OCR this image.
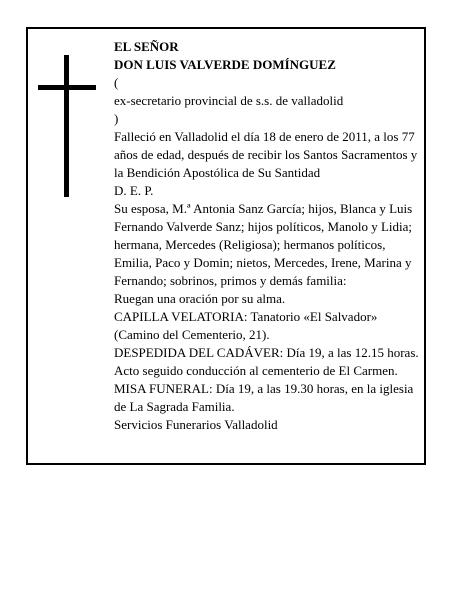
EL SEÑOR

DON LUIS VALVERDE DOMÍNGUEZ

(

ex-secretario provincial de s.s. de valladolid

)

Falleció en Valladolid el día 18 de enero de 2011, a los 77 años de edad, después de recibir los Santos Sacramentos y la Bendición Apostólica de Su Santidad

D. E. P.

Su esposa, M.ª Antonia Sanz García; hijos, Blanca y Luis Fernando Valverde Sanz; hijos políticos, Manolo y Lidia; hermana, Mercedes (Religiosa); hermanos políticos, Emilia, Paco y Domin; nietos, Mercedes, Irene, Marina y Fernando; sobrinos, primos y demás familia:

Ruegan una oración por su alma.

CAPILLA VELATORIA: Tanatorio «El Salvador» (Camino del Cementerio, 21).

DESPEDIDA DEL CADÁVER: Día 19, a las 12.15 horas. Acto seguido conducción al cementerio de El Carmen.

MISA FUNERAL: Día 19, a las 19.30 horas, en la iglesia de La Sagrada Familia.

Servicios Funerarios Valladolid
